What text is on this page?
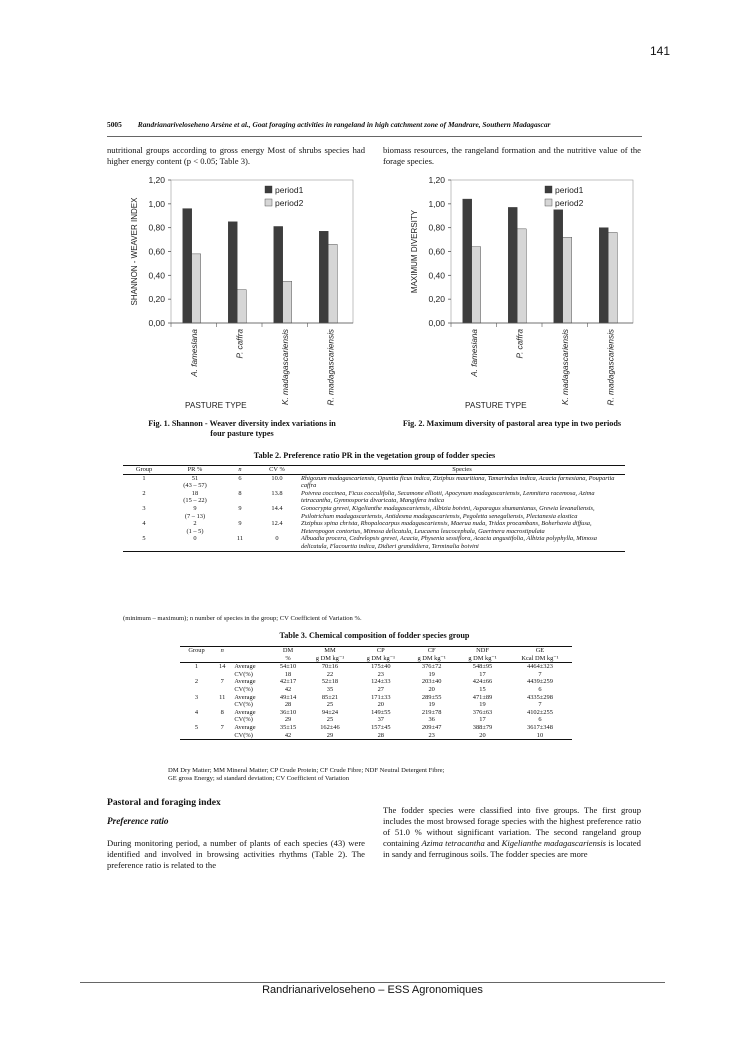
141
5005 Randrianariveloseheno Arsène et al., Goat foraging activities in rangeland in high catchment zone of Mandrare, Southern Madagascar
nutritional groups according to gross energy Most of shrubs species had higher energy content (p < 0.05; Table 3).
biomass resources, the rangeland formation and the nutritive value of the forage species.
0,00
0,20
0,40
0,60
0,80
1,00
1,20
SHANNON - WEAVER INDEX
A. fameslana	P. caffra	K. madagascariensis	R. madagascariensis
PASTURE TYPE
period1
period2
0,00
0,20
0,40
0,60
0,80
1,00
1,20
MAXIMUM DIVERSITY
A. famesiana	P. caffra	K. madagascariensis	R. madagascariensis
PASTURE TYPE
period1
period2
Fig. 1. Shannon - Weaver diversity index variations in
four pasture types
Fig. 2. Maximum diversity of pastoral area type in two periods
Table 2. Preference ratio PR in the vegetation group of fodder species
Group	PR %	n	CV %	Species
1	51
(43 – 57)	6	10.0	Rhigozum madagascariensis, Opuntia ficus indica, Ziziphus mauritiana, Tamarindus indica, Acacia farnesiana, Poupartia caffra
2	18
(15 – 22)	8	13.8	Poivrea coccinea, Ficus cocculifolia, Secamone elliotii, Apocynum madagascariensis, Lemnitera racemosa, Azima tetracantha, Gymnosporia divaricata, Mangifera indica
3	9
(7 – 13)	9	14.4	Gonocrypta grevei, Kigelianthe madagascariensis, Albizia boivini, Asparagus shumanianus, Grewia levanaliensis, Psilotrichum madagascariensis, Antidesma madagascariensis, Pegoletta senegaliensis, Plectanesia elastica
4	2
(1 – 5)	9	12.4	Ziziphus spina christa, Rhopalocarpus madagascariensis, Maerua nuda, Tridax procambans, Boherhavia diffusa, Heteropogon contortus, Mimosa delicatula, Leucaena leucocephala, Gaertnera macrostipulata
5	0	11	0	Albuadia procera, Cedrelopsis grevei, Acacia, Physenia sessiflora, Acacia angustifolia, Albizia polyphylla, Mimosa delicatula, Flacourtia indica, Didieri grandidiera, Terminalia boivini
(minimum – maximum); n number of species in the group; CV Coefficient of Variation %.
Table 3. Chemical composition of fodder species group
Group	n		DM	MM	CP	CF	NDF	GE
			%	g DM kg⁻¹	g DM kg⁻¹	g DM kg⁻¹	g DM kg⁻¹	Kcal DM kg⁻¹
1	14	Average	54±10	70±16	175±40	376±72	548±95	4464±323
		CV(%)	18	22	23	19	17	7
2	7	Average	42±17	52±18	124±33	203±40	424±66	4439±259
		CV(%)	42	35	27	20	15	6
3	11	Average	49±14	85±21	171±33	289±55	471±89	4335±298
		CV(%)	28	25	20	19	19	7
4	8	Average	36±10	94±24	149±55	219±78	376±63	4102±255
		CV(%)	29	25	37	36	17	6
5	7	Average	35±15	162±46	157±45	209±47	388±79	3617±348
		CV(%)	42	29	28	23	20	10
DM Dry Matter; MM Mineral Matter; CP Crude Protein; CF Crude Fibre; NDF Neutral Detergent Fibre;
GE gross Energy; sd standard deviation; CV Coefficient of Variation
Pastoral and foraging index
Preference ratio
During monitoring period, a number of plants of each species (43) were identified and involved in browsing activities rhythms (Table 2). The preference ratio is related to the
The fodder species were classified into five groups. The first group includes the most browsed forage species with the highest preference ratio of 51.0 % without significant variation. The second rangeland group containing Azima tetracantha and Kigelianthe madagascariensis is located in sandy and ferruginous soils. The fodder species are more
Randrianariveloseheno – ESS Agronomiques
